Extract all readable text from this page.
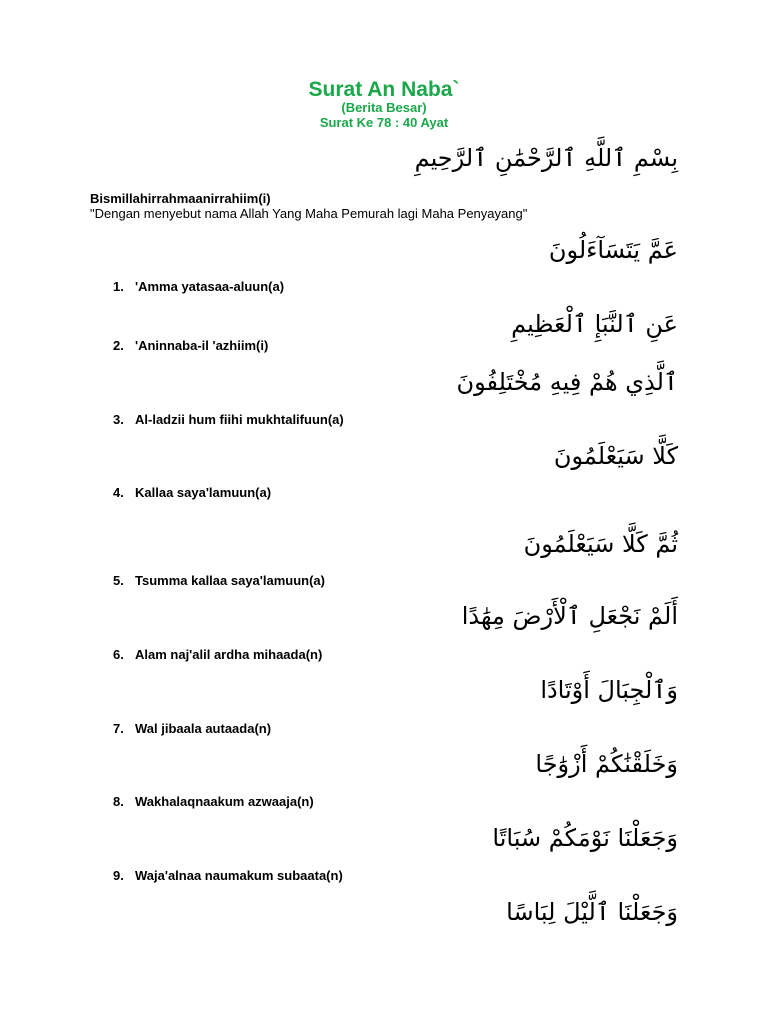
Surat An Naba`
(Berita Besar)
Surat Ke 78 : 40 Ayat
بِسْمِ ٱللَّهِ ٱلرَّحْمَٰنِ ٱلرَّحِيمِ
Bismillahirrahmaanirrahiim(i)
"Dengan menyebut nama Allah Yang Maha Pemurah lagi Maha Penyayang"
عَمَّ يَتَسَآءَلُونَ
1. 'Amma yatasaa-aluun(a)
عَنِ ٱلنَّبَإِ ٱلْعَظِيمِ
2. 'Aninnaba-il 'azhiim(i)
ٱلَّذِي هُمْ فِيهِ مُخْتَلِفُونَ
3. Al-ladzii hum fiihi mukhtalifuun(a)
كَلَّا سَيَعْلَمُونَ
4. Kallaa saya'lamuun(a)
ثُمَّ كَلَّا سَيَعْلَمُونَ
5. Tsumma kallaa saya'lamuun(a)
أَلَمْ نَجْعَلِ ٱلْأَرْضَ مِهَٰدًا
6. Alam naj'alil ardha mihaada(n)
وَٱلْجِبَالَ أَوْتَادًا
7. Wal jibaala autaada(n)
وَخَلَقْنَٰكُمْ أَزْوَٰجًا
8. Wakhalaqnaakum azwaaja(n)
وَجَعَلْنَا نَوْمَكُمْ سُبَاتًا
9. Waja'alnaa naumakum subaata(n)
وَجَعَلْنَا ٱلَّيْلَ لِبَاسًا
